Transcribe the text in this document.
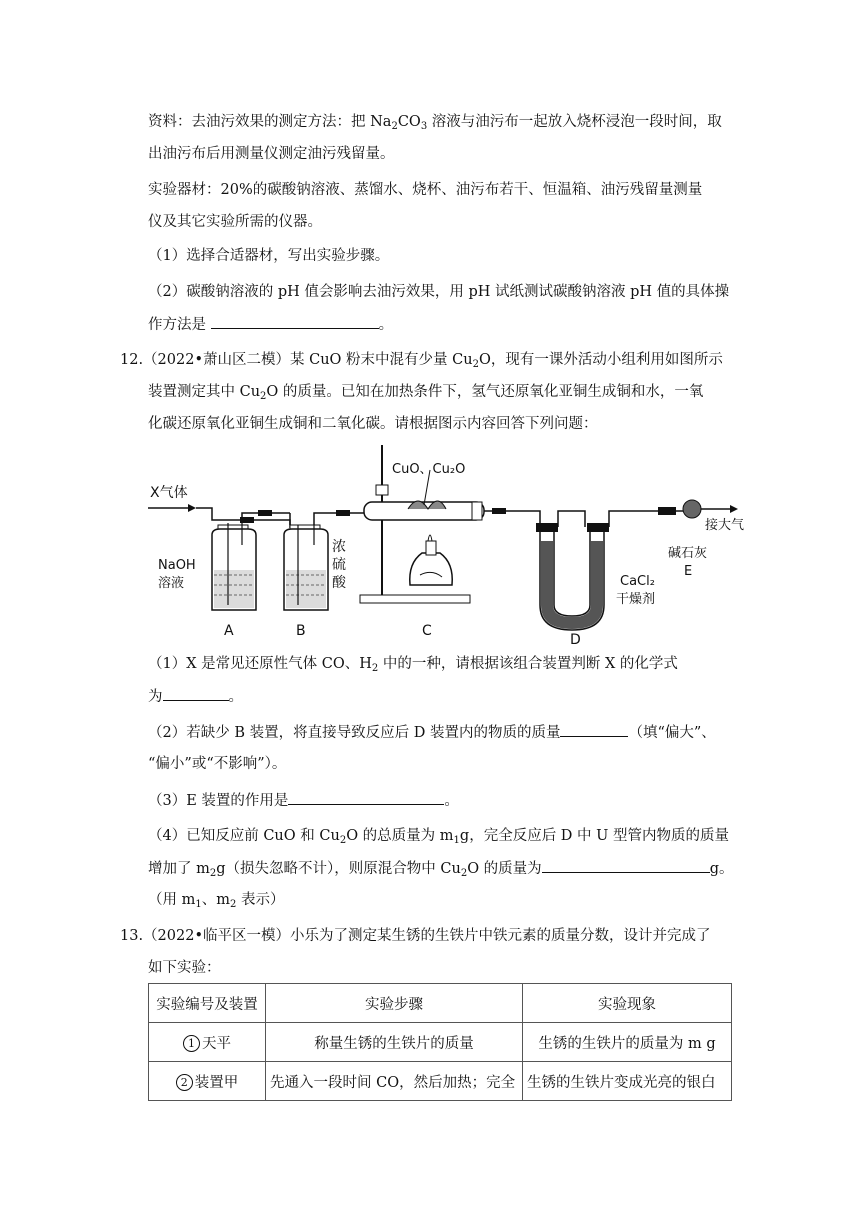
资料：去油污效果的测定方法：把 $Na_2CO_3$ 溶液与油污布一起放入烧杯浸泡一段时间，取
出油污布后用测量仪测定油污残留量。
实验器材：20%的碳酸钠溶液、蒸馏水、烧杯、油污布若干、恒温箱、油污残留量测量
仪及其它实验所需的仪器。
（1）选择合适器材，写出实验步骤。
（2）碳酸钠溶液的 pH 值会影响去油污效果，用 pH 试纸测试碳酸钠溶液 pH 值的具体操
作方法是	。
12.（2022•萧山区二模）某 CuO 粉末中混有少量 $Cu_2O$，现有一课外活动小组利用如图所示
装置测定其中 $Cu_2O$ 的质量。已知在加热条件下，氢气还原氧化亚铜生成铜和水，一氧
化碳还原氧化亚铜生成铜和二氧化碳。请根据图示内容回答下列问题：
X气体
NaOH
溶液
浓
硫
酸
CuO、Cu₂O
CaCl₂
干燥剂
接大气
碱石灰
E
A	B	C
D
（1）X 是常见还原性气体 CO、$H_2$ 中的一种，请根据该组合装置判断 X 的化学式
为	。
（2）若缺少 B 装置，将直接导致反应后 D 装置内的物质的质量	（填“偏大”、
“偏小”或“不影响”）。
（3）E 装置的作用是	。
（4）已知反应前 CuO 和 $Cu_2O$ 的总质量为 $m_1g$，完全反应后 D 中 U 型管内物质的质量
增加了 $m_2g$（损失忽略不计），则原混合物中 $Cu_2O$ 的质量为	g。
（用 $m_1$、$m_2$ 表示）
13.（2022•临平区一模）小乐为了测定某生锈的生铁片中铁元素的质量分数，设计并完成了
如下实验：
实验编号及装置	实验步骤	实验现象
1 天平	称量生锈的生铁片的质量	生锈的生铁片的质量为 m g
2 装置甲	先通入一段时间 CO，然后加热；完全	生锈的生铁片变成光亮的银白
